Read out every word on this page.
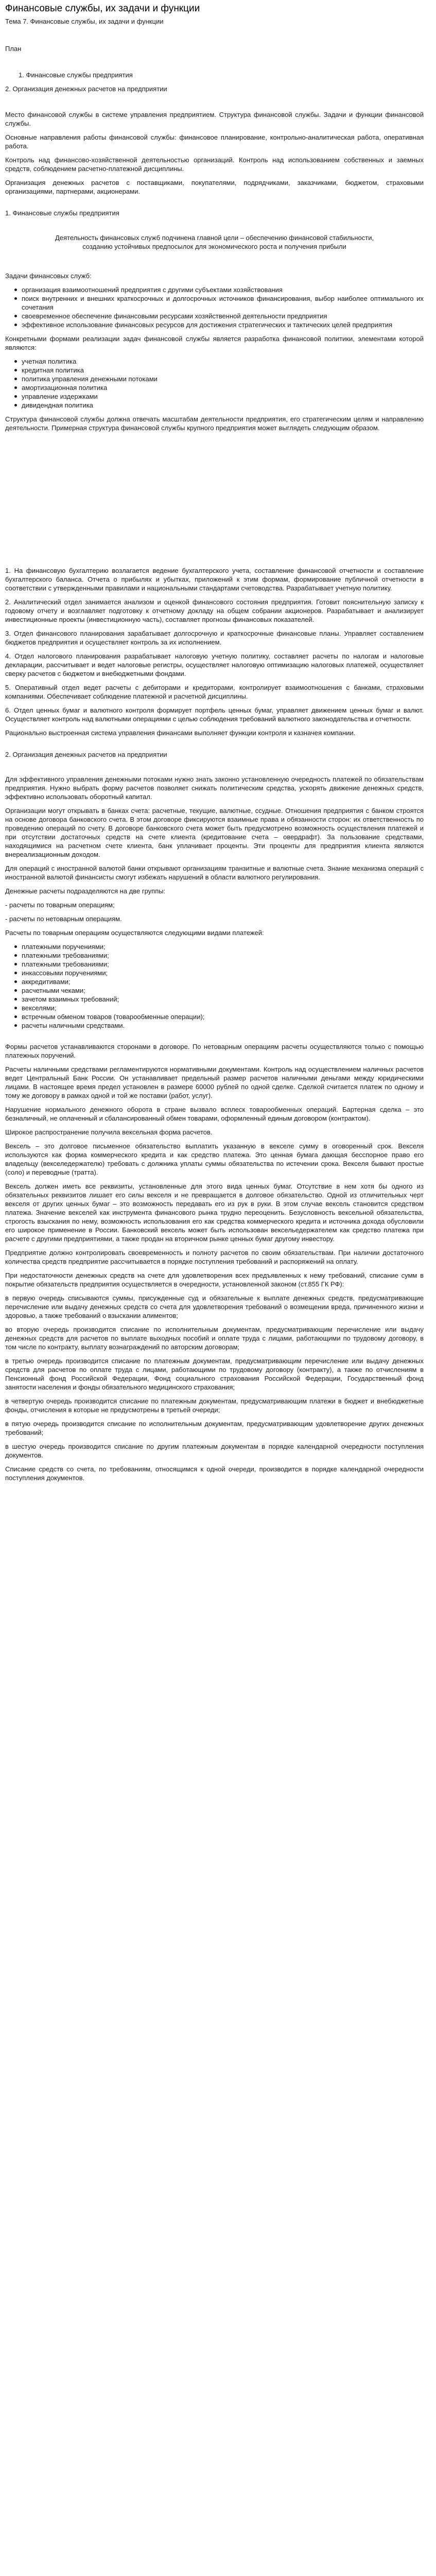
Финансовые службы, их задачи и функции
Тема 7. Финансовые службы, их задачи и функции
План
1. Финансовые службы предприятия
2. Организация денежных расчетов на предприятии

Место финансовой службы в системе управления предприятием. Структура финансовой службы. Задачи и функции финансовой службы.

Основные направления работы финансовой службы: финансовое планирование, контрольно-аналитическая работа, оперативная работа.

Контроль над финансово-хозяйственной деятельностью организаций. Контроль над использованием собственных и заемных средств, соблюдением расчетно-платежной дисциплины.

Организация денежных расчетов с поставщиками, покупателями, подрядчиками, заказчиками, бюджетом, страховыми организациями, партнерами, акционерами.

1. Финансовые службы предприятия
Деятельность финансовых служб подчинена главной цели – обеспечению финансовой стабильности, созданию устойчивых предпосылок для экономического роста и получения прибыли

Задачи финансовых служб:

организация взаимоотношений предприятия с другими субъектами хозяйствования
поиск внутренних и внешних краткосрочных и долгосрочных источников финансирования, выбор наиболее оптимального их сочетания
своевременное обеспечение финансовыми ресурсами хозяйственной деятельности предприятия
эффективное использование финансовых ресурсов для достижения стратегических и тактических целей предприятия

Конкретными формами реализации задач финансовой службы является разработка финансовой политики, элементами которой являются:

учетная политика
кредитная политика
политика управления денежными потоками
амортизационная политика
управление издержками
дивидендная политика

Структура финансовой службы должна отвечать масштабам деятельности предприятия, его стратегическим целям и направлению деятельности. Примерная структура финансовой службы крупного предприятия может выглядеть следующим образом.

1. На финансовую бухгалтерию возлагается ведение бухгалтерского учета, составление финансовой отчетности и составление бухгалтерского баланса. Отчета о прибылях и убытках, приложений к этим формам, формирование публичной отчетности в соответствии с утвержденными правилами и национальными стандартами счетоводства. Разрабатывает учетную политику.

2. Аналитический отдел занимается анализом и оценкой финансового состояния предприятия. Готовит пояснительную записку к годовому отчету и возглавляет подготовку к отчетному докладу на общем собрании акционеров. Разрабатывает и анализирует инвестиционные проекты (инвестиционную часть), составляет прогнозы финансовых показателей.

3. Отдел финансового планирования зарабатывает долгосрочную и краткосрочные финансовые планы. Управляет составлением бюджетов предприятия и осуществляет контроль за их исполнением.

4. Отдел налогового планирования разрабатывает налоговую учетную политику, составляет расчеты по налогам и налоговые декларации, рассчитывает и ведет налоговые регистры, осуществляет налоговую оптимизацию налоговых платежей, осуществляет сверку расчетов с бюджетом и внебюджетными фондами.

5. Оперативный отдел ведет расчеты с дебиторами и кредиторами, контролирует взаимоотношения с банками, страховыми компаниями. Обеспечивает соблюдение платежной и расчетной дисциплины.

6. Отдел ценных бумаг и валютного контроля формирует портфель ценных бумаг, управляет движением ценных бумаг и валют. Осуществляет контроль над валютными операциями с целью соблюдения требований валютного законодательства и отчетности.

Рационально выстроенная система управления финансами выполняет функции контроля и казначея компании.

2. Организация денежных расчетов на предприятии

Для эффективного управления денежными потоками нужно знать законно установленную очередность платежей по обязательствам предприятия. Нужно выбрать форму расчетов позволяет снижать политическим средства, ускорять движение денежных средств, эффективно использовать оборотный капитал.

Организации могут открывать в банках счета: расчетные, текущие, валютные, ссудные. Отношения предприятия с банком строятся на основе договора банковского счета. В этом договоре фиксируются взаимные права и обязанности сторон: их ответственность по проведению операций по счету. В договоре банковского счета может быть предусмотрено возможность осуществления платежей и при отсутствии достаточных средств на счете клиента (кредитование счета – овердрафт). За пользование средствами, находящимися на расчетном счете клиента, банк уплачивает проценты. Эти проценты для предприятия клиента являются внереализационным доходом.

Для операций с иностранной валютой банки открывают организациям транзитные и валютные счета. Знание механизма операций с иностранной валютой финансисты смогут избежать нарушений в области валютного регулирования.

Денежные расчеты подразделяются на две группы:

- расчеты по товарным операциям;

- расчеты по нетоварным операциям.

Расчеты по товарным операциям осуществляются следующими видами платежей:

платежными поручениями;
платежными требованиями;
платежными требованиями;
инкассовыми поручениями;
аккредитивами;
расчетными чеками;
зачетом взаимных требований;
векселями;
встречным обменом товаров (товарообменные операции);
расчеты наличными средствами.

Формы расчетов устанавливаются сторонами в договоре. По нетоварным операциям расчеты осуществляются только с помощью платежных поручений.

Расчеты наличными средствами регламентируются нормативными документами. Контроль над осуществлением наличных расчетов ведет Центральный Банк России. Он устанавливает предельный размер расчетов наличными деньгами между юридическими лицами. В настоящее время предел установлен в размере 60000 рублей по одной сделке. Сделкой считается платеж по одному и тому же договору в рамках одной и той же поставки (работ, услуг).

Нарушение нормального денежного оборота в стране вызвало всплеск товарообменных операций. Бартерная сделка – это безналичный, не оплаченный и сбалансированный обмен товарами, оформленный единым договором (контрактом).

Широкое распространение получила вексельная форма расчетов.

Вексель – это долговое письменное обязательство выплатить указанную в векселе сумму в оговоренный срок. Векселя используются как форма коммерческого кредита и как средство платежа. Это ценная бумага дающая бесспорное право его владельцу (векселедержателю) требовать с должника уплаты суммы обязательства по истечении срока. Векселя бывают простые (соло) и переводные (тратта).

Вексель должен иметь все реквизиты, установленные для этого вида ценных бумаг. Отсутствие в нем хотя бы одного из обязательных реквизитов лишает его силы векселя и не превращается в долговое обязательство. Одной из отличительных черт векселя от других ценных бумаг – это возможность передавать его из рук в руки. В этом случае вексель становится средством платежа. Значение векселей как инструмента финансового рынка трудно переоценить. Безусловность вексельной обязательства, строгость взыскания по нему, возможность использования его как средства коммерческого кредита и источника дохода обусловили его широкое применение в России. Банковский вексель может быть использован вексельедержателем как средство платежа при расчете с другими предприятиями, а также продан на вторичном рынке ценных бумаг другому инвестору.

Предприятие должно контролировать своевременность и полноту расчетов по своим обязательствам. При наличии достаточного количества средств предприятие рассчитывается в порядке поступления требований и распоряжений на оплату.

При недостаточности денежных средств на счете для удовлетворения всех предъявленных к нему требований, списание сумм в покрытие обязательств предприятия осуществляется в очередности, установленной законом (ст.855 ГК РФ):

в первую очередь списываются суммы, присужденные суд и обязательные к выплате денежных средств, предусматривающие перечисление или выдачу денежных средств со счета для удовлетворения требований о возмещении вреда, причиненного жизни и здоровью, а также требований о взыскании алиментов;

во вторую очередь производится списание по исполнительным документам, предусматривающим перечисление или выдачу денежных средств для расчетов по выплате выходных пособий и оплате труда с лицами, работающими по трудовому договору, в том числе по контракту, выплату вознаграждений по авторским договорам;

в третью очередь производится списание по платежным документам, предусматривающим перечисление или выдачу денежных средств для расчетов по оплате труда с лицами, работающими по трудовому договору (контракту), а также по отчислениям в Пенсионный фонд Российской Федерации, Фонд социального страхования Российской Федерации, Государственный фонд занятости населения и фонды обязательного медицинского страхования;

в четвертую очередь производится списание по платежным документам, предусматривающим платежи в бюджет и внебюджетные фонды, отчисления в которые не предусмотрены в третьей очереди;

в пятую очередь производится списание по исполнительным документам, предусматривающим удовлетворение других денежных требований;

в шестую очередь производится списание по другим платежным документам в порядке календарной очередности поступления документов.

Списание средств со счета, по требованиям, относящимся к одной очереди, производится в порядке календарной очередности поступления документов.
